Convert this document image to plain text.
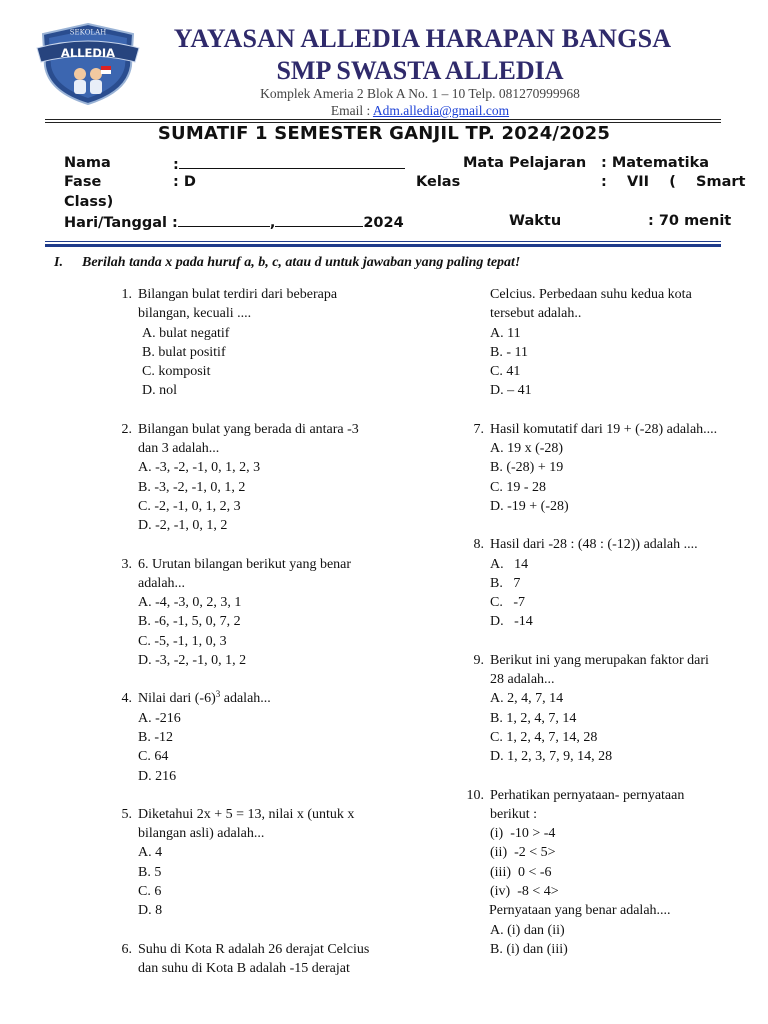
SEKOLAH
ALLEDIA	YAYASAN ALLEDIA HARAPAN BANGSA
SMP SWASTA ALLEDIA
Komplek Ameria 2 Blok A No. 1 – 10 Telp. 081270999968
Email : Adm.alledia@gmail.com
SUMATIF 1 SEMESTER GANJIL TP. 2024/2025
Nama	:	Mata Pelajaran : Matematika
Fase	: D	Kelas	:    VII    (    Smart
Class)
Hari/Tanggal :	,	2024	Waktu	: 70 menit
I. Berilah tanda x pada huruf a, b, c, atau d untuk jawaban yang paling tepat!
1. Bilangan bulat terdiri dari beberapa
bilangan, kecuali ....
A. bulat negatif
B. bulat positif
C. komposit
D. nol
2. Bilangan bulat yang berada di antara -3
dan 3 adalah...
A. -3, -2, -1, 0, 1, 2, 3
B. -3, -2, -1, 0, 1, 2
C. -2, -1, 0, 1, 2, 3
D. -2, -1, 0, 1, 2
3. 6. Urutan bilangan berikut yang benar
adalah...
A. -4, -3, 0, 2, 3, 1
B. -6, -1, 5, 0, 7, 2
C. -5, -1, 1, 0, 3
D. -3, -2, -1, 0, 1, 2
4. Nilai dari $(-6)^3$ adalah...
A. -216
B. -12
C. 64
D. 216
5. Diketahui 2x + 5 = 13, nilai x (untuk x
bilangan asli) adalah...
A. 4
B. 5
C. 6
D. 8
6. Suhu di Kota R adalah 26 derajat Celcius
dan suhu di Kota B adalah -15 derajat
Celcius. Perbedaan suhu kedua kota
tersebut adalah..
A. 11
B. - 11
C. 41
D. – 41
7. Hasil komutatif dari 19 + (-28) adalah....
A. 19 x (-28)
B. (-28) + 19
C. 19 - 28
D. -19 + (-28)
8. Hasil dari -28 : (48 : (-12)) adalah ....
A.   14
B.   7
C.   -7
D.   -14
9. Berikut ini yang merupakan faktor dari
28 adalah...
A. 2, 4, 7, 14
B. 1, 2, 4, 7, 14
C. 1, 2, 4, 7, 14, 28
D. 1, 2, 3, 7, 9, 14, 28
10. Perhatikan pernyataan- pernyataan
berikut :
(i)  -10 > -4
(ii)  -2 < 5>
(iii)  0 < -6
(iv)  -8 < 4>
Pernyataan yang benar adalah....
A. (i) dan (ii)
B. (i) dan (iii)
